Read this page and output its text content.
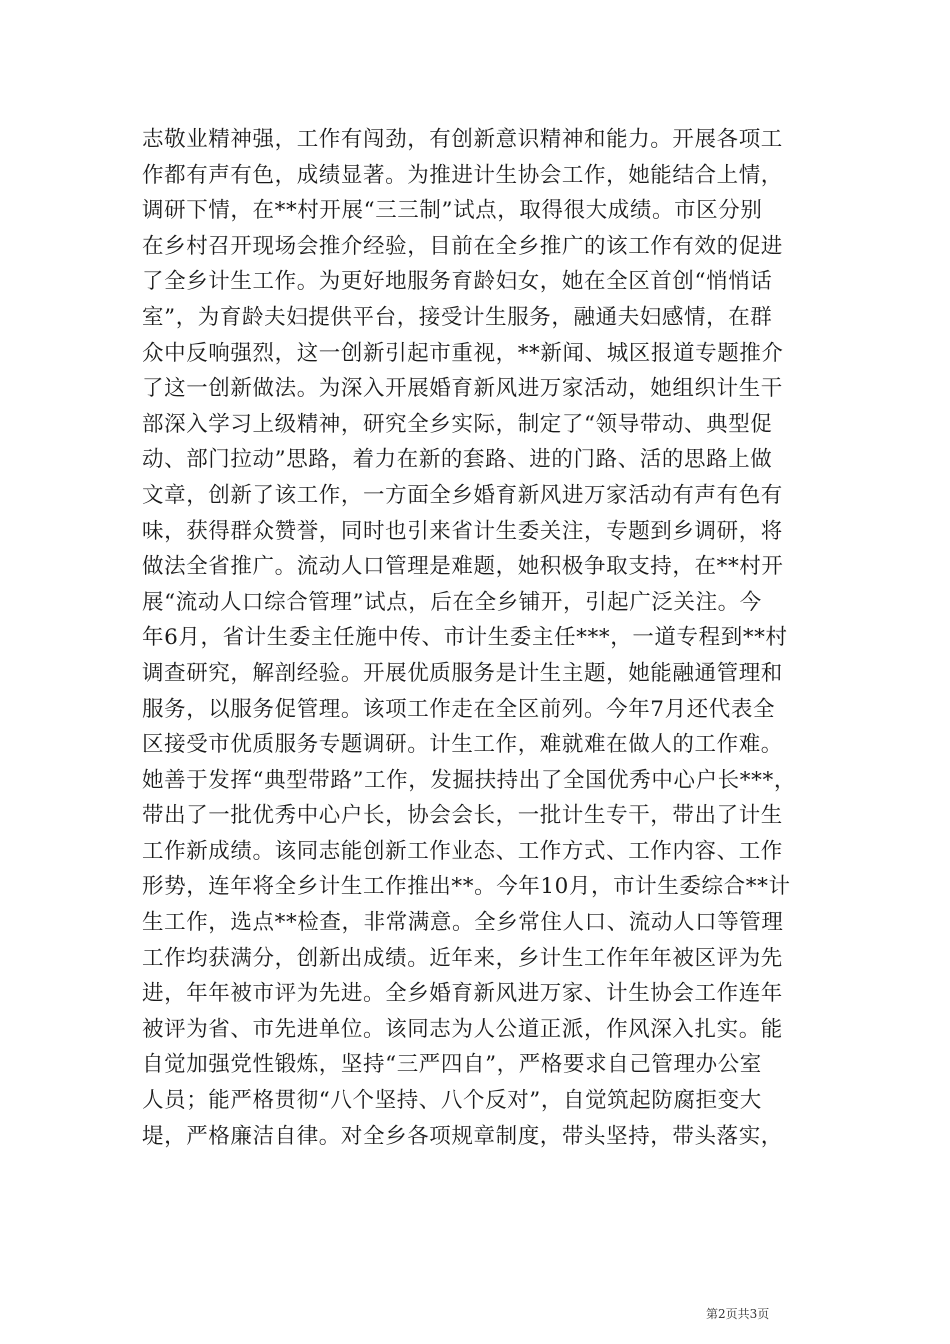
志敬业精神强，工作有闯劲，有创新意识精神和能力。开展各项工
作都有声有色，成绩显著。为推进计生协会工作，她能结合上情，
调研下情，在**村开展“三三制”试点，取得很大成绩。市区分别
在乡村召开现场会推介经验，目前在全乡推广的该工作有效的促进
了全乡计生工作。为更好地服务育龄妇女，她在全区首创“悄悄话
室”，为育龄夫妇提供平台，接受计生服务，融通夫妇感情，在群
众中反响强烈，这一创新引起市重视，**新闻、城区报道专题推介
了这一创新做法。为深入开展婚育新风进万家活动，她组织计生干
部深入学习上级精神，研究全乡实际，制定了“领导带动、典型促
动、部门拉动”思路，着力在新的套路、进的门路、活的思路上做
文章，创新了该工作，一方面全乡婚育新风进万家活动有声有色有
味，获得群众赞誉，同时也引来省计生委关注，专题到乡调研，将
做法全省推广。流动人口管理是难题，她积极争取支持，在**村开
展“流动人口综合管理”试点，后在全乡铺开，引起广泛关注。今
年6月，省计生委主任施中传、市计生委主任***，一道专程到**村
调查研究，解剖经验。开展优质服务是计生主题，她能融通管理和
服务，以服务促管理。该项工作走在全区前列。今年7月还代表全
区接受市优质服务专题调研。计生工作，难就难在做人的工作难。
她善于发挥“典型带路”工作，发掘扶持出了全国优秀中心户长***，
带出了一批优秀中心户长，协会会长，一批计生专干，带出了计生
工作新成绩。该同志能创新工作业态、工作方式、工作内容、工作
形势，连年将全乡计生工作推出**。今年10月，市计生委综合**计
生工作，选点**检查，非常满意。全乡常住人口、流动人口等管理
工作均获满分，创新出成绩。近年来，乡计生工作年年被区评为先
进，年年被市评为先进。全乡婚育新风进万家、计生协会工作连年
被评为省、市先进单位。该同志为人公道正派，作风深入扎实。能
自觉加强党性锻炼，坚持“三严四自”，严格要求自己管理办公室
人员；能严格贯彻“八个坚持、八个反对”，自觉筑起防腐拒变大
堤，严格廉洁自律。对全乡各项规章制度，带头坚持，带头落实，
第2页共3页
